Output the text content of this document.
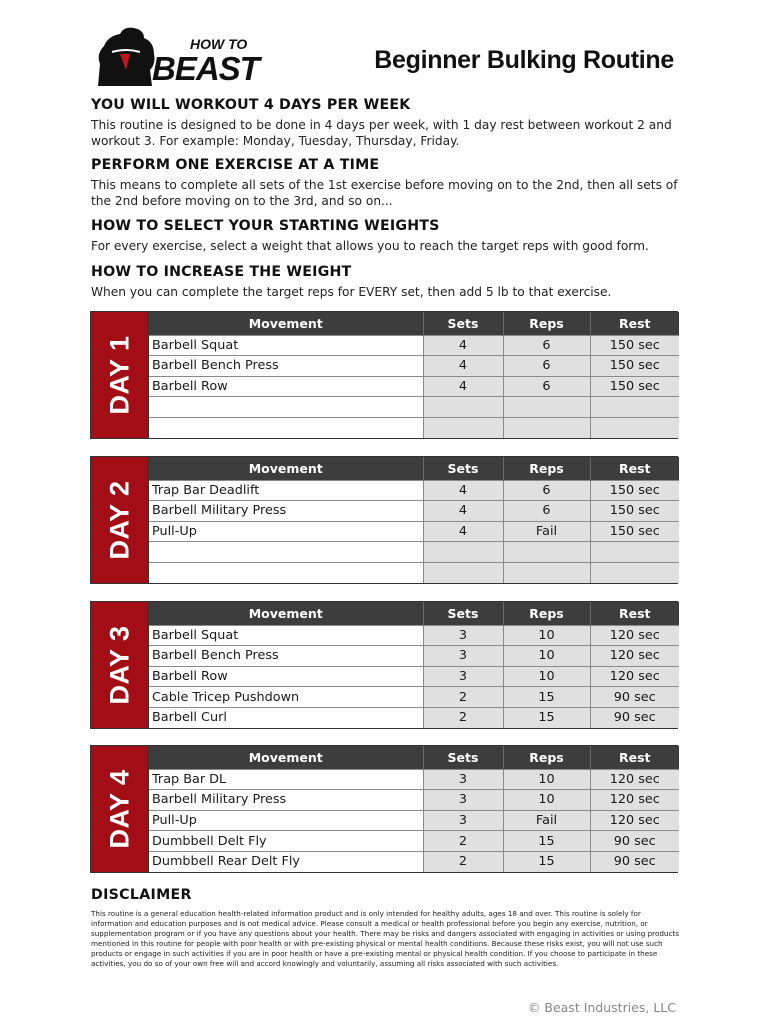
HOW TO
BEAST	Beginner Bulking Routine
YOU WILL WORKOUT 4 DAYS PER WEEK

This routine is designed to be done in 4 days per week, with 1 day rest between workout 2 and workout 3. For example: Monday, Tuesday, Thursday, Friday.

PERFORM ONE EXERCISE AT A TIME

This means to complete all sets of the 1st exercise before moving on to the 2nd, then all sets of the 2nd before moving on to the 3rd, and so on...

HOW TO SELECT YOUR STARTING WEIGHTS

For every exercise, select a weight that allows you to reach the target reps with good form.

HOW TO INCREASE THE WEIGHT

When you can complete the target reps for EVERY set, then add 5 lb to that exercise.

DAY 1
Movement	Sets	Reps	Rest
Barbell Squat	4	6	150 sec
Barbell Bench Press	4	6	150 sec
Barbell Row	4	6	150 sec

DAY 2
Movement	Sets	Reps	Rest
Trap Bar Deadlift	4	6	150 sec
Barbell Military Press	4	6	150 sec
Pull-Up	4	Fail	150 sec

DAY 3
Movement	Sets	Reps	Rest
Barbell Squat	3	10	120 sec
Barbell Bench Press	3	10	120 sec
Barbell Row	3	10	120 sec
Cable Tricep Pushdown	2	15	90 sec
Barbell Curl	2	15	90 sec
DAY 4
Movement	Sets	Reps	Rest
Trap Bar DL	3	10	120 sec
Barbell Military Press	3	10	120 sec
Pull-Up	3	Fail	120 sec
Dumbbell Delt Fly	2	15	90 sec
Dumbbell Rear Delt Fly	2	15	90 sec
DISCLAIMER

This routine is a general education health-related information product and is only intended for healthy adults, ages 18 and over. This routine is solely for information and education purposes and is not medical advice. Please consult a medical or health professional before you begin any exercise, nutrition, or supplementation program or if you have any questions about your health. There may be risks and dangers associated with engaging in activities or using products mentioned in this routine for people with poor health or with pre-existing physical or mental health conditions. Because these risks exist, you will not use such products or engage in such activities if you are in poor health or have a pre-existing mental or physical health condition. If you choose to participate in these activities, you do so of your own free will and accord knowingly and voluntarily, assuming all risks associated with such activities.

© Beast Industries, LLC
